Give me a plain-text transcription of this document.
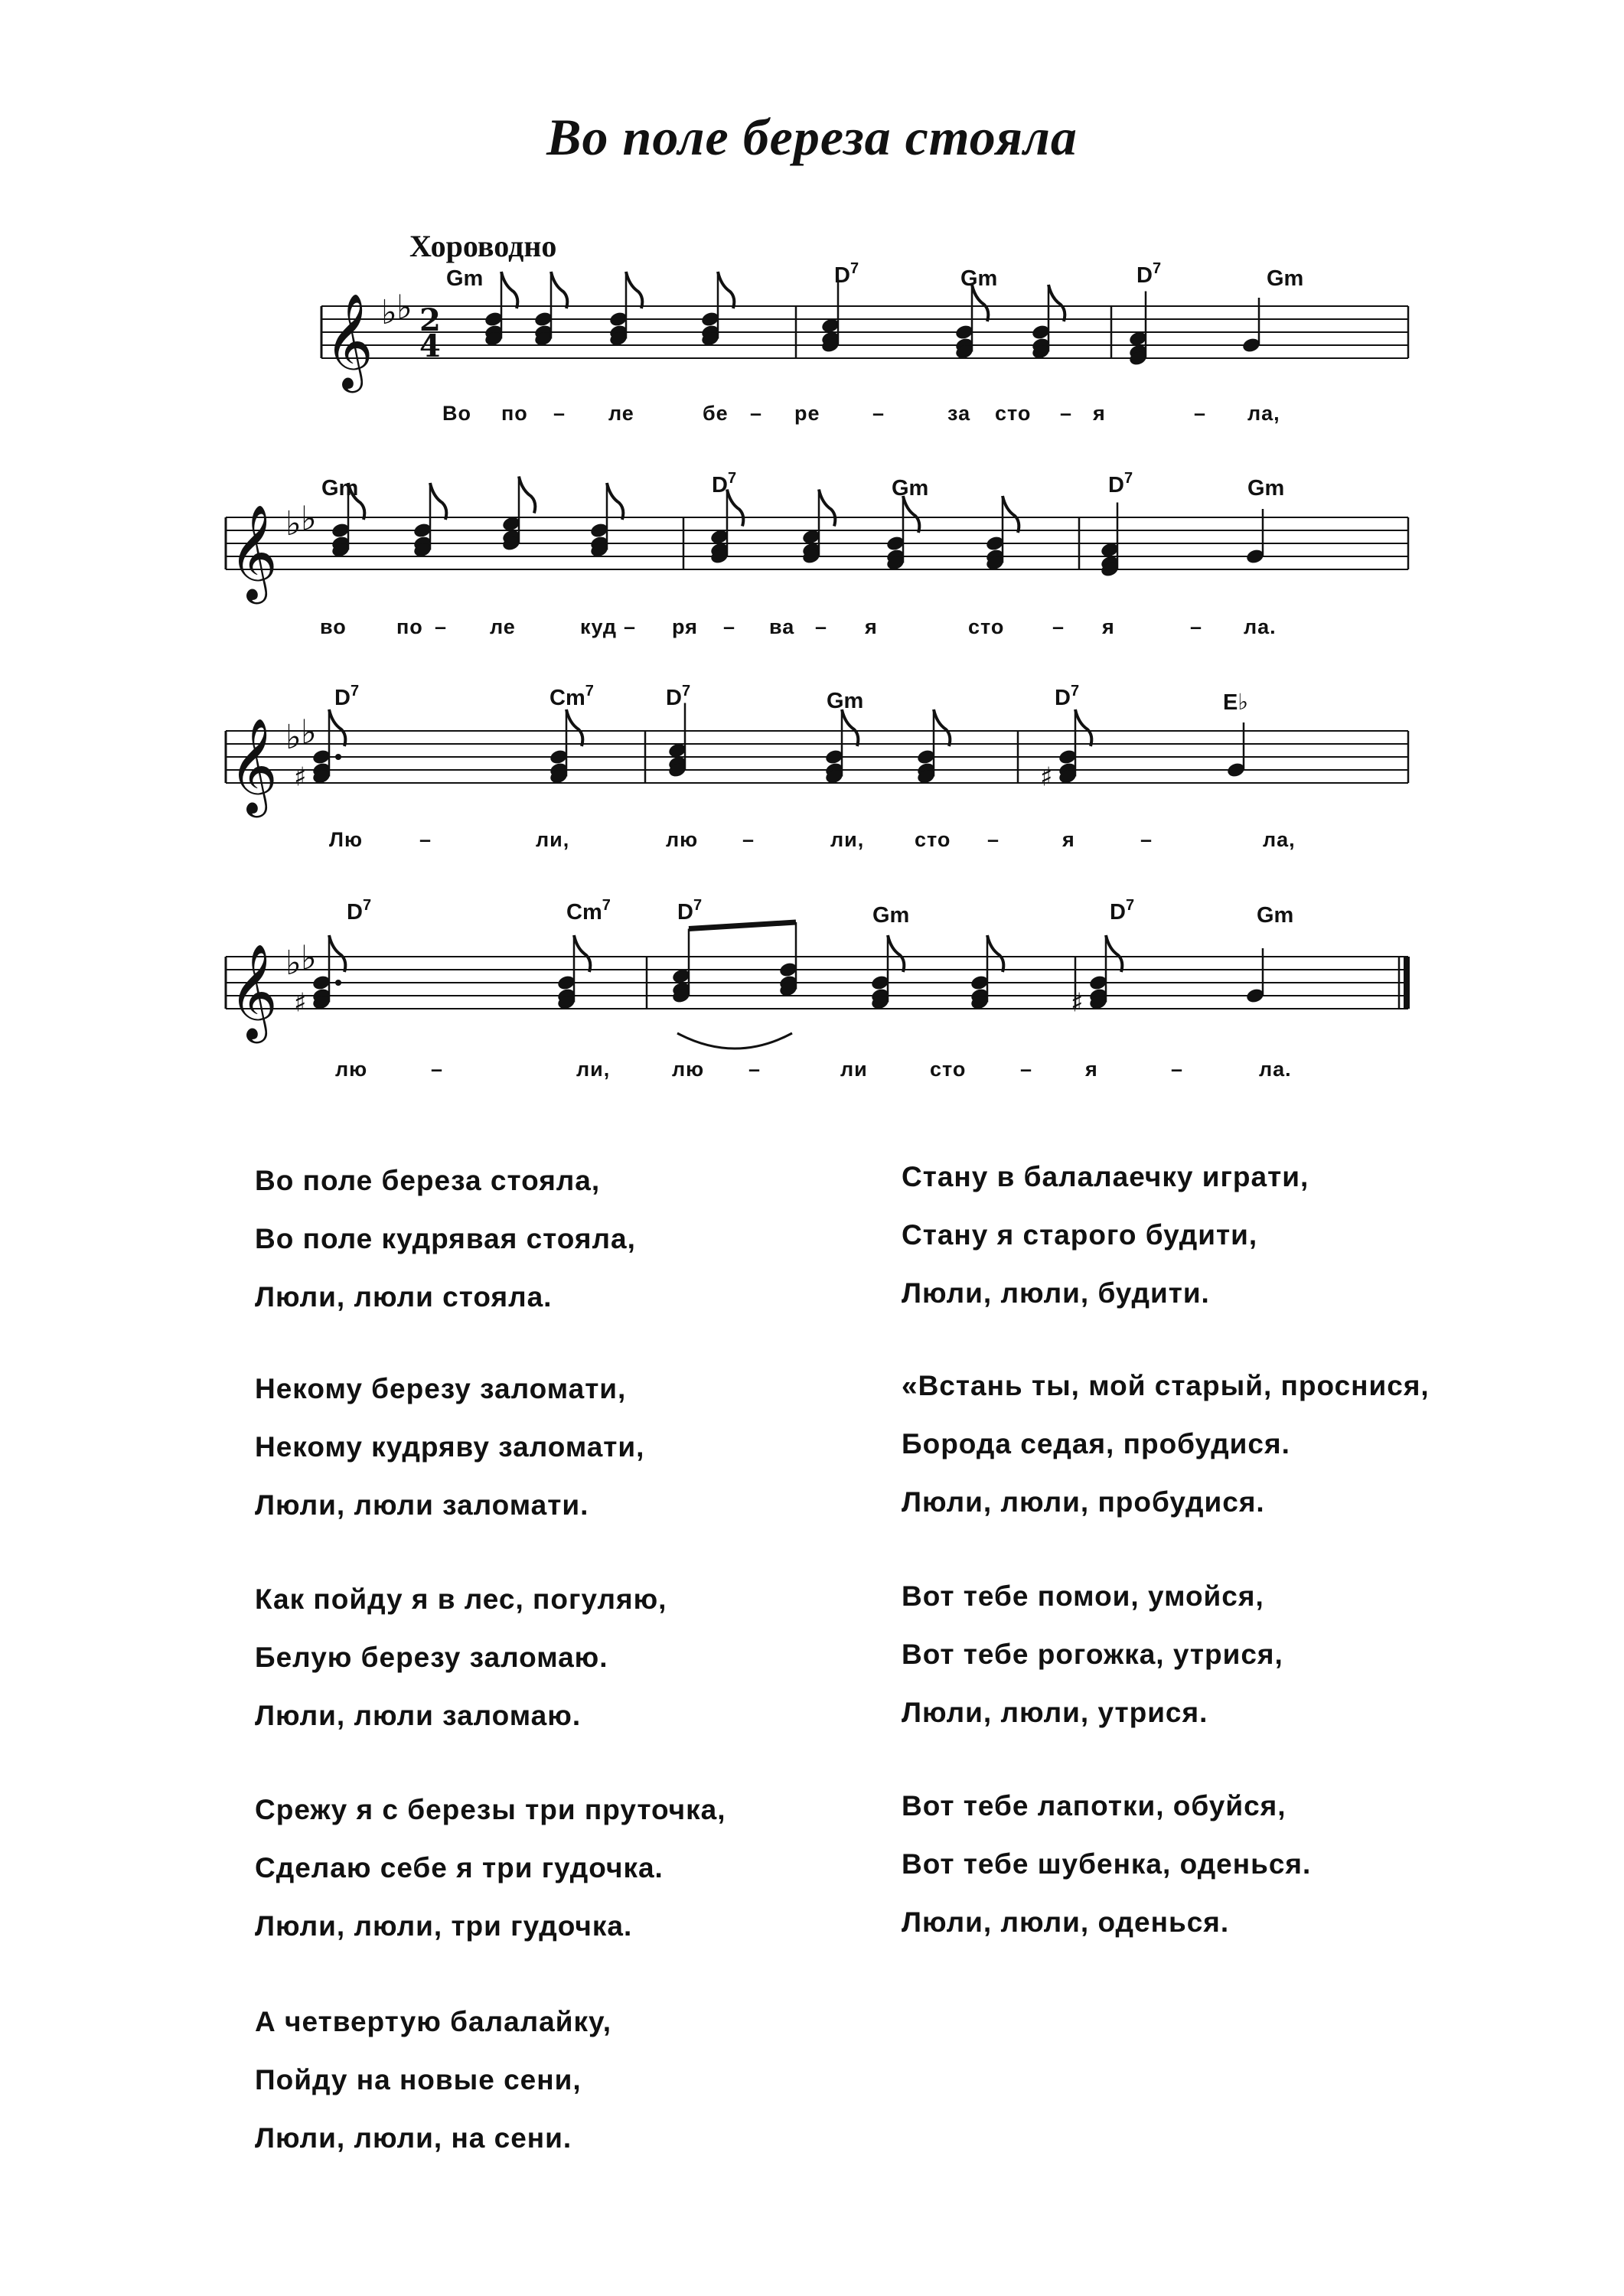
Во поле береза стояла
Хороводно
𝄞 ♭ ♭ 2
4
𝄞 ♭ ♭
𝄞 ♭ ♭
♯	♯
𝄞 ♭ ♭
♯	♯
Gm	$D^7$	Gm	$D^7$	Gm
Во по – ле	бе – ре	–	за сто – я	– ла,
Gm	$D^7$	Gm	$D^7$	Gm
во по – ле	куд – ря – ва – я	сто – я	– ла.
$D^7$	Cm$^7$	$D^7$	Gm	$D^7$	E♭
Лю	–	ли,	лю –	ли, сто –	я	–	ла,
$D^7$	Cm$^7$	$D^7$	Gm	$D^7$	Gm
лю	–	ли,	лю –	ли	сто	–	я	–	ла.
Во поле береза стояла,
Во поле кудрявая стояла,
Люли, люли стояла.
Некому березу заломати,
Некому кудряву заломати,
Люли, люли заломати.
Как пойду я в лес, погуляю,
Белую березу заломаю.
Люли, люли заломаю.
Срежу я с березы три пруточка,
Сделаю себе я три гудочка.
Люли, люли, три гудочка.
А четвертую балалайку,
Пойду на новые сени,
Люли, люли, на сени.
Стану в балалаечку играти,
Стану я старого будити,
Люли, люли, будити.
«Встань ты, мой старый, проснися,
Борода седая, пробудися.
Люли, люли, пробудися.
Вот тебе помои, умойся,
Вот тебе рогожка, утрися,
Люли, люли, утрися.
Вот тебе лапотки, обуйся,
Вот тебе шубенка, оденься.
Люли, люли, оденься.
